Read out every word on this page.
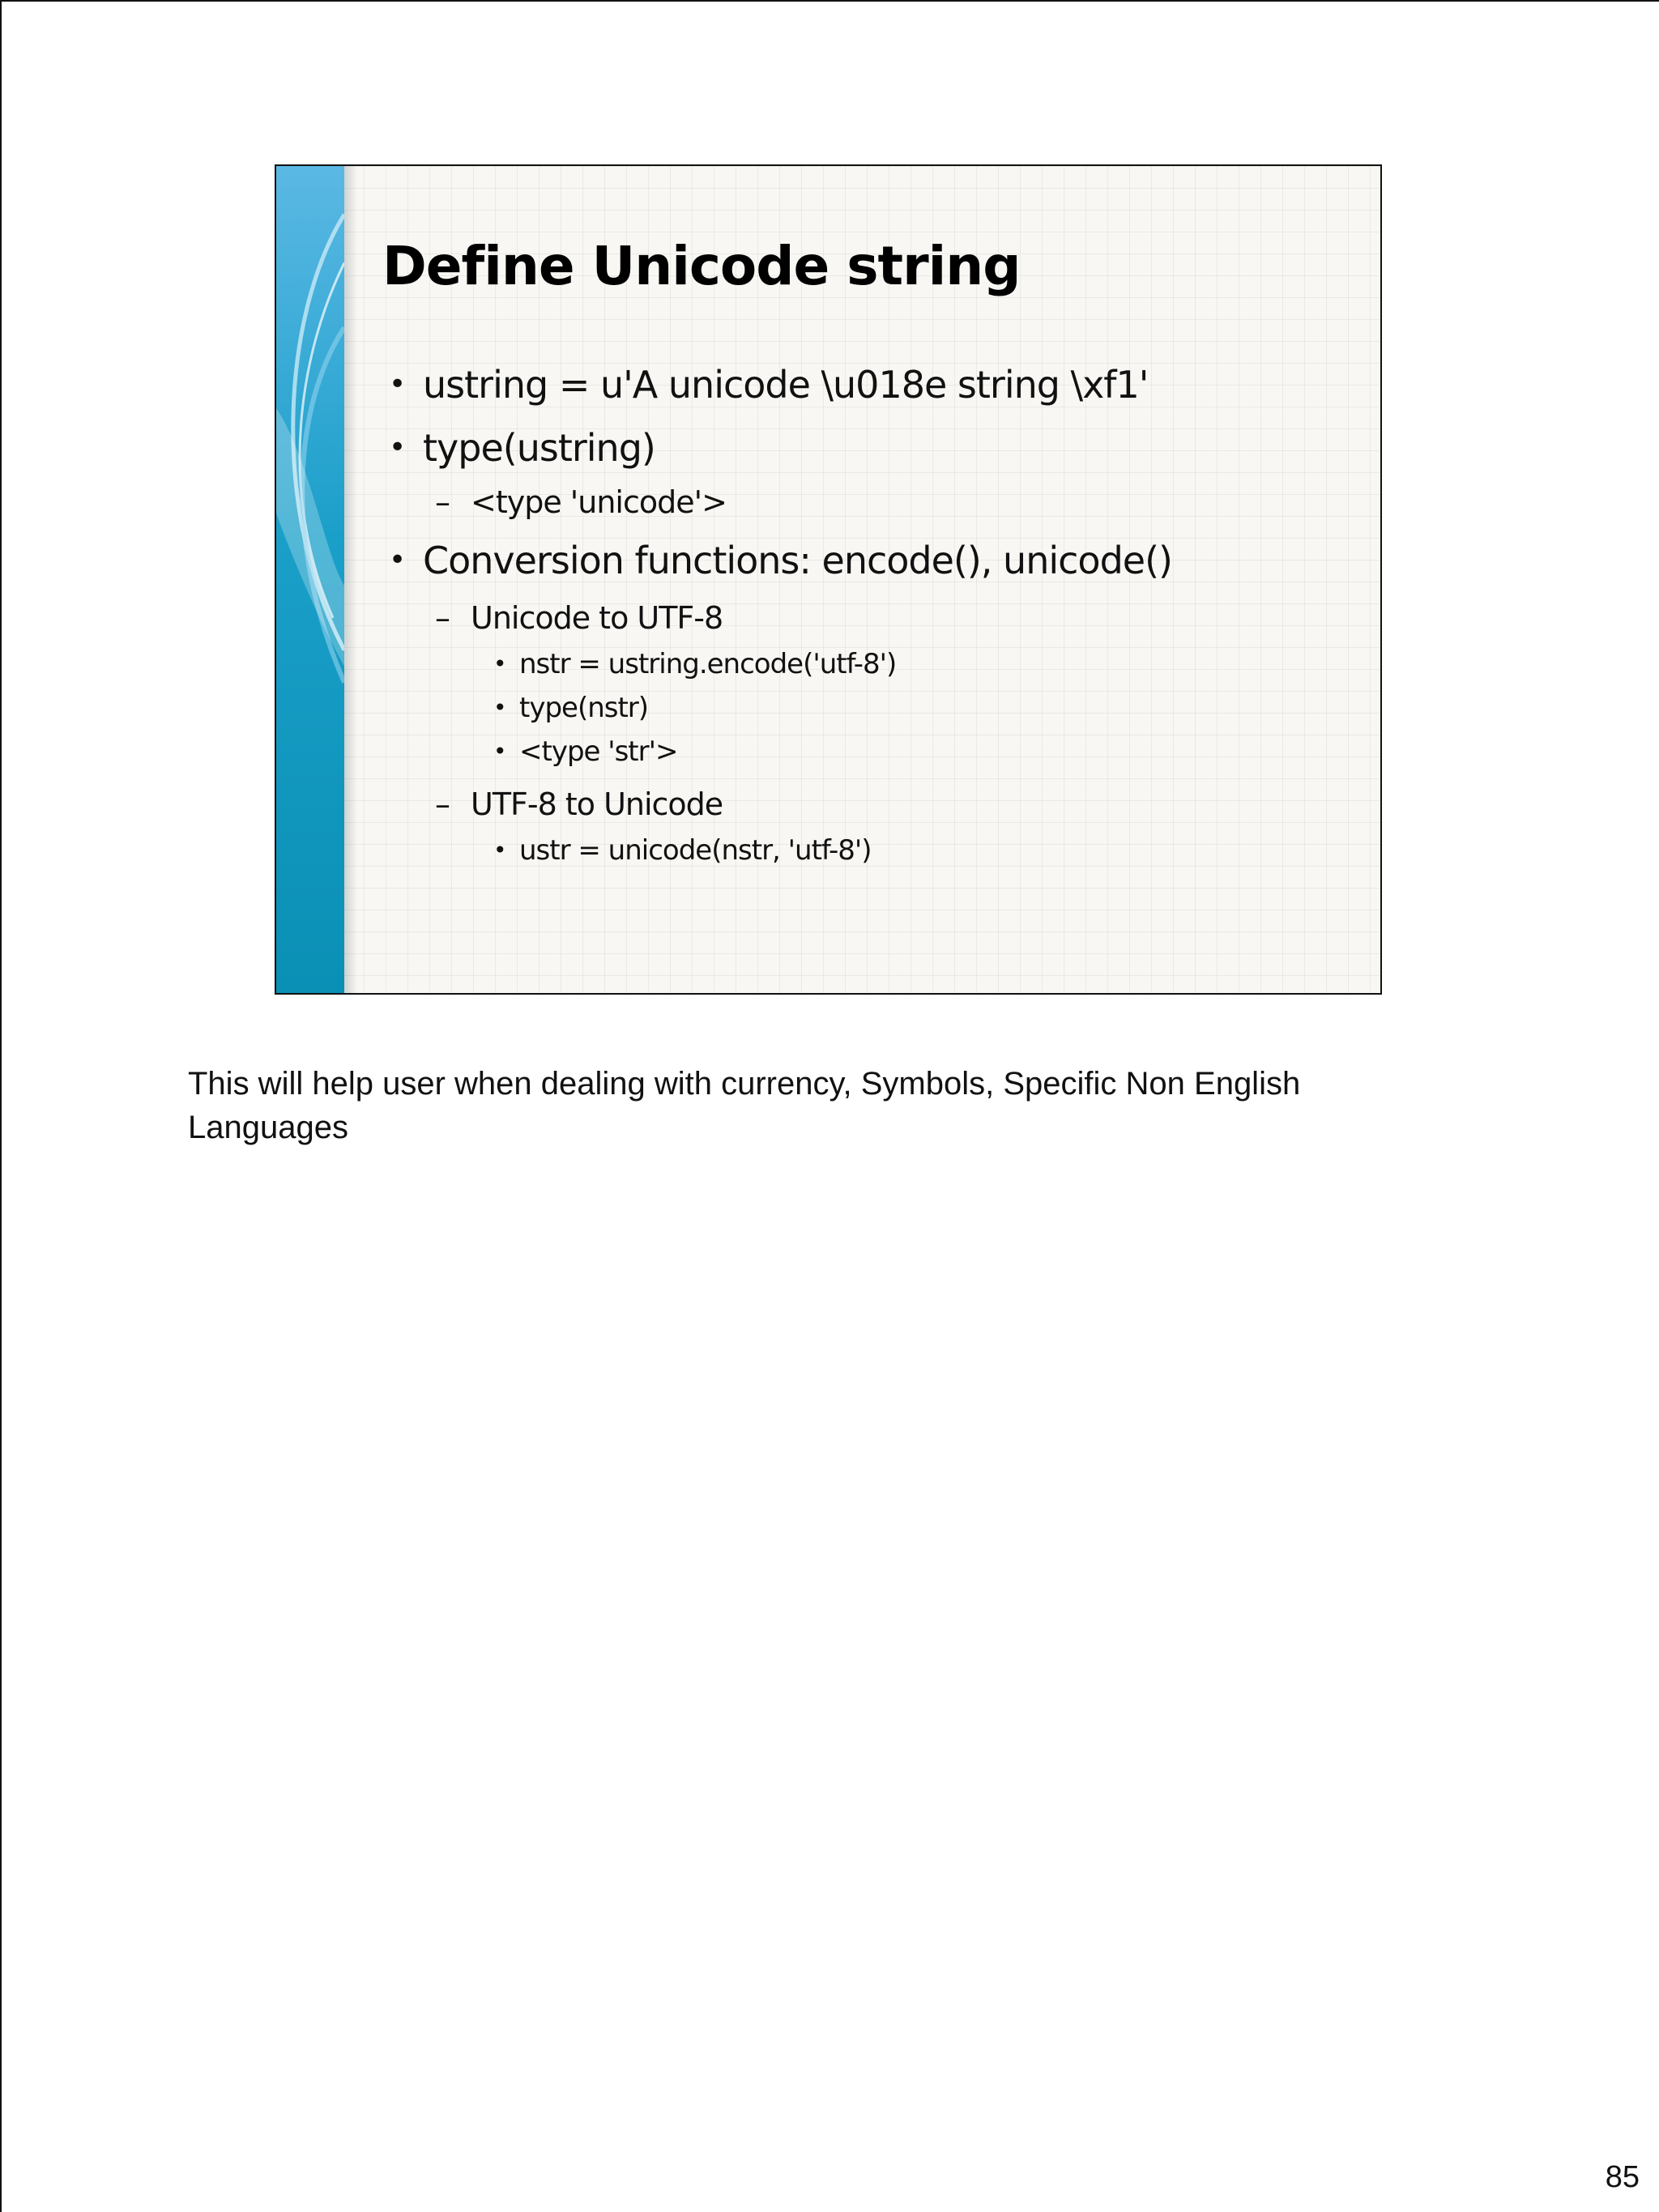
Define Unicode string
• ustring = u'A unicode \u018e string \xf1'
• type(ustring)
– <type 'unicode'>
• Conversion functions: encode(), unicode()
– Unicode to UTF-8
• nstr = ustring.encode('utf-8')
• type(nstr)
• <type 'str'>
– UTF-8 to Unicode
• ustr = unicode(nstr, 'utf-8')

This will help user when dealing with currency, Symbols, Specific Non English Languages

85
